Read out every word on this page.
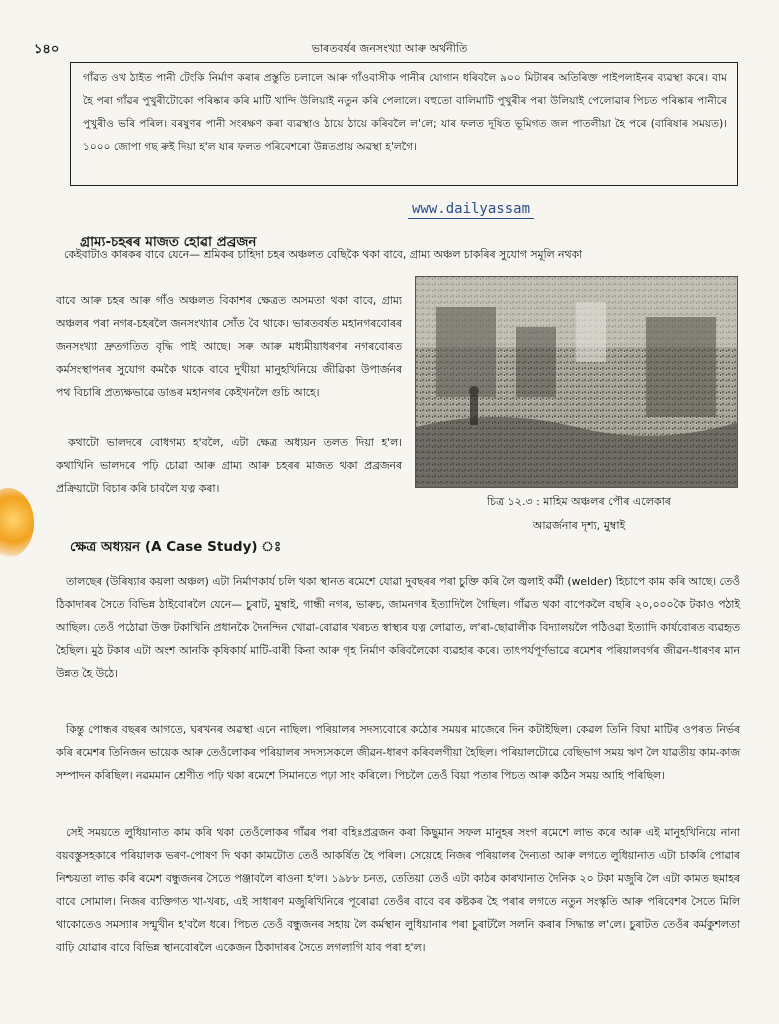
১৪০	ভাৰতবৰ্ষৰ জনসংখ্যা আৰু অৰ্থনীতি
গাঁৱত ওখ ঠাইত পানী টেংকি নিৰ্মাণ কৰাৰ প্ৰস্তুতি চলালে আৰু গাঁওবাসীক পানীৰ যোগান ধৰিবলৈ ৯০০ মিটাৰৰ অতিৰিক্ত পাইপলাইনৰ ব্যৱস্থা কৰে। বাম হৈ পৰা গাঁৱৰ পুখুৰীটোকো পৰিষ্কাৰ কৰি মাটি খান্দি উলিয়াই নতুন কৰি পেলালে। বহুতো বালিমাটি পুখুৰীৰ পৰা উলিয়াই পেলোৱাৰ পিচত পৰিষ্কাৰ পানীৰে পুখুৰীও ভৰি পৰিল। বৰষুণৰ পানী সংৰক্ষণ কৰা ব্যৱস্থাও ঠায়ে ঠায়ে কৰিবলৈ ল'লে; যাৰ ফলত দূষিত ভূমিগত জল পাতলীয়া হৈ পৰে (বাৰিষাৰ সময়ত)। ১০০০ জোপা গছ ৰুই দিয়া হ'ল যাৰ ফলত পৰিবেশৰো উন্নতপ্ৰায় অৱস্থা হ'লগৈ।
www.dailyassam
গ্ৰাম্য-চহৰৰ মাজত হোৱা প্ৰব্ৰজন

কেইবাটাও কাৰকৰ বাবে যেনে— শ্ৰমিকৰ চাহিদা চহৰ অঞ্চলত বেছিকৈ থকা বাবে, গ্ৰাম্য অঞ্চল চাকৰিৰ সুযোগ সমূলি নথকা

বাবে আৰু চহৰ আৰু গাঁও অঞ্চলত বিকাশৰ ক্ষেত্ৰত অসমতা থকা বাবে, গ্ৰাম্য অঞ্চলৰ পৰা নগৰ-চহৰলৈ জনসংখ্যাৰ সোঁত বৈ থাকে। ভাৰতবৰ্ষত মহানগৰবোৰৰ জনসংখ্যা দ্ৰুতগতিত বৃদ্ধি পাই আছে। সৰু আৰু মধ্যমীয়াধৰণৰ নগৰবোৰত কৰ্মসংস্থাপনৰ সুযোগ কমকৈ থাকে বাবে দুখীয়া মানুহখিনিয়ে জীৱিকা উপাৰ্জনৰ পথ বিচাৰি প্ৰত্যক্ষভাৱে ডাঙৰ মহানগৰ কেইখনলৈ গুচি আহে।

কথাটো ভালদৰে বোধগম্য হ'বলৈ, এটা ক্ষেত্ৰ অধ্যয়ন তলত দিয়া হ'ল। কথাখিনি ভালদৰে পঢ়ি চোৱা আৰু গ্ৰাম্য আৰু চহৰৰ মাজত থকা প্ৰব্ৰজনৰ প্ৰক্ৰিয়াটো বিচাৰ কৰি চাবলৈ যত্ন কৰা।

চিত্ৰ ১২.৩ : মাহিম অঞ্চলৰ পৌৰ এলেকাৰ
আৱৰ্জনাৰ দৃশ্য, মুম্বাই
ক্ষেত্ৰ অধ্যয়ন (A Case Study) ঃ

তালছেৰ (উৰিষ্যাৰ কয়লা অঞ্চল) এটা নিৰ্মাণকাৰ্য চলি থকা স্থানত ৰমেশে যোৱা দুবছৰৰ পৰা চুক্তি কৰি লৈ জ্বলাই কৰ্মী (welder) হিচাপে কাম কৰি আছে। তেওঁ ঠিকাদাৰৰ সৈতে বিভিন্ন ঠাইবোৰলৈ যেনে— চুৰাট, মুম্বাই, গান্ধী নগৰ, ভাৰুচ, জামনগৰ ইত্যাদিলৈ গৈছিল। গাঁৱত থকা বাপেকলৈ বছৰি ২০,০০০কৈ টকাও পঠাই আছিল। তেওঁ পঠোৱা উক্ত টকাখিনি প্ৰধানকৈ দৈনন্দিন খোৱা-বোৱাৰ খৰচত স্বাস্থ্যৰ যত্ন লোৱাত, ল'ৰা-ছোৱালীক বিদ্যালয়লৈ পঠিওৱা ইত্যাদি কাৰ্যবোৰত ব্যৱহৃত হৈছিল। মুঠ টকাৰ এটা অংশ আনকি কৃষিকাৰ্য মাটি-বাৰী কিনা আৰু গৃহ নিৰ্মাণ কৰিবলৈকো ব্যৱহাৰ কৰে। তাৎপৰ্যপূৰ্ণভাৱে ৰমেশৰ পৰিয়ালবৰ্গৰ জীৱন-ধাৰণৰ মান উন্নত হৈ উঠে।

কিন্তু পোন্ধৰ বছৰৰ আগতে, ঘৰখনৰ অৱস্থা এনে নাছিল। পৰিয়ালৰ সদস্যবোৰে কঠোৰ সময়ৰ মাজেৰে দিন কটাইছিল। কেৱল তিনি বিঘা মাটিৰ ওপৰত নিৰ্ভৰ কৰি ৰমেশৰ তিনিজন ভায়েক আৰু তেওঁলোকৰ পৰিয়ালৰ সদস্যসকলে জীৱন-ধাৰণ কৰিবলগীয়া হৈছিল। পৰিয়ালটোৱে বেছিভাগ সময় ঋণ লৈ যাৱতীয় কাম-কাজ সম্পাদন কৰিছিল। নৱমমান শ্ৰেণীত পঢ়ি থকা ৰমেশে সিমানতে পঢ়া সাং কৰিলে। পিচলৈ তেওঁ বিয়া পতাৰ পিচত আৰু কঠিন সময় আহি পৰিছিল।

সেই সময়তে লুধিয়ানাত কাম কৰি থকা তেওঁলোকৰ গাঁৱৰ পৰা বহিঃপ্ৰব্ৰজন কৰা কিছুমান সফল মানুহৰ সংগ ৰমেশে লাভ কৰে আৰু এই মানুহখিনিয়ে নানা বয়বস্তুসহকাৰে পৰিয়ালক ভৰণ-পোষণ দি থকা কামটোত তেওঁ আকৰ্ষিত হৈ পৰিল। সেয়েহে নিজৰ পৰিয়ালৰ দৈন্যতা আৰু লগতে লুধিয়ানাত এটা চাকৰি পোৱাৰ নিশ্চয়তা লাভ কৰি ৰমেশ বন্ধুজনৰ সৈতে পঞ্জাবলৈ ৰাওনা হ'ল। ১৯৮৮ চনত, তেতিয়া তেওঁ এটা কাঠৰ কাৰখানাত দৈনিক ২০ টকা মজুৰি লৈ এটা কামত ছমাহৰ বাবে সোমাল। নিজৰ ব্যক্তিগত খা-খৰচ, এই সাধাৰণ মজুৰিখিনিৰে পূৰোৱা তেওঁৰ বাবে বৰ কষ্টকৰ হৈ পৰাৰ লগতে নতুন সংস্কৃতি আৰু পৰিবেশৰ সৈতে মিলি থাকোতেও সমস্যাৰ সন্মুখীন হ'বলৈ ধৰে। পিচত তেওঁ বন্ধুজনৰ সহায় লৈ কৰ্মস্থান লুধিয়ানাৰ পৰা চুৰাটলৈ সলনি কৰাৰ সিদ্ধান্ত ল'লে। চুৰাটত তেওঁৰ কৰ্মকুশলতা বাঢ়ি যোৱাৰ বাবে বিভিন্ন স্থানবোৰলৈ একেজন ঠিকাদাৰৰ সৈতে লগলাগি যাব পৰা হ'ল।
